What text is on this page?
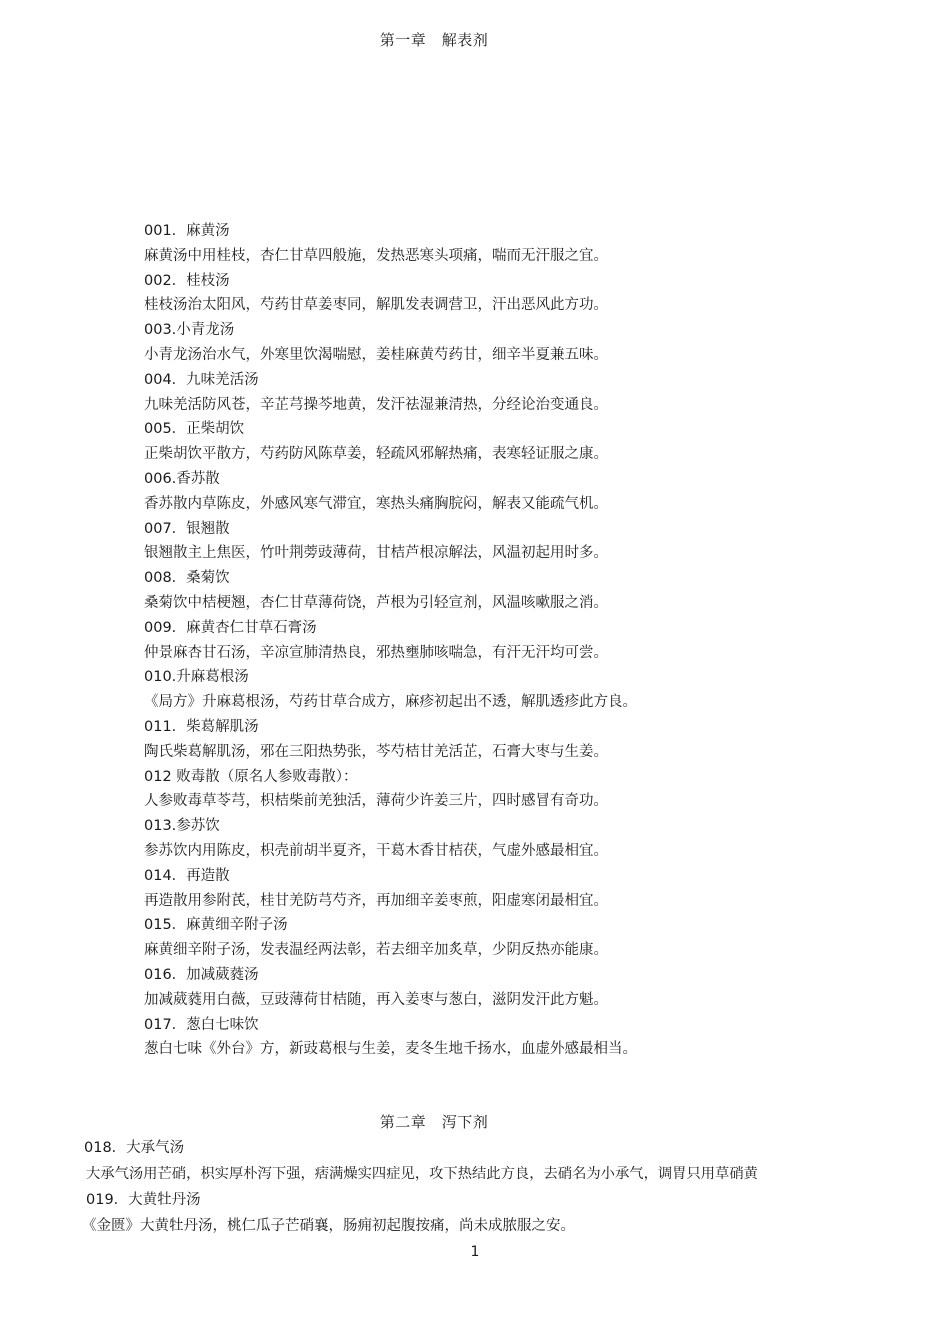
第一章　解表剂
001．麻黄汤
麻黄汤中用桂枝，杏仁甘草四般施，发热恶寒头项痛，喘而无汗服之宜。
002．桂枝汤
桂枝汤治太阳风，芍药甘草姜枣同，解肌发表调营卫，汗出恶风此方功。
003.小青龙汤
小青龙汤治水气，外寒里饮渴喘慰，姜桂麻黄芍药甘，细辛半夏兼五味。
004．九味羌活汤
九味羌活防风苍，辛芷芎操芩地黄，发汗祛湿兼清热，分经论治变通良。
005．正柴胡饮
正柴胡饮平散方，芍药防风陈草姜，轻疏风邪解热痛，表寒轻证服之康。
006.香苏散
香苏散内草陈皮，外感风寒气滞宜，寒热头痛胸脘闷，解表又能疏气机。
007．银翘散
银翘散主上焦医，竹叶荆蒡豉薄荷，甘桔芦根凉解法，风温初起用时多。
008．桑菊饮
桑菊饮中桔梗翘，杏仁甘草薄荷饶，芦根为引轻宣剂，风温咳嗽服之消。
009．麻黄杏仁甘草石膏汤
仲景麻杏甘石汤，辛凉宣肺清热良，邪热壅肺咳喘急，有汗无汗均可尝。
010.升麻葛根汤
《局方》升麻葛根汤，芍药甘草合成方，麻疹初起出不透，解肌透疹此方良。
011．柴葛解肌汤
陶氏柴葛解肌汤，邪在三阳热势张，芩芍桔甘羌活芷，石膏大枣与生姜。
012 败毒散（原名人参败毒散）：
人参败毒草苓芎，枳桔柴前羌独活，薄荷少许姜三片，四时感冒有奇功。
013.参苏饮
参苏饮内用陈皮，枳壳前胡半夏齐，干葛木香甘桔茯，气虚外感最相宜。
014．再造散
再造散用参附芪，桂甘羌防芎芍齐，再加细辛姜枣煎，阳虚寒闭最相宜。
015．麻黄细辛附子汤
麻黄细辛附子汤，发表温经两法彰，若去细辛加炙草，少阴反热亦能康。
016．加减葳蕤汤
加减葳蕤用白薇，豆豉薄荷甘桔随，再入姜枣与葱白，滋阴发汗此方魁。
017．葱白七味饮
葱白七味《外台》方，新豉葛根与生姜，麦冬生地千扬水，血虚外感最相当。
第二章　泻下剂
018．大承气汤
大承气汤用芒硝，枳实厚朴泻下强，痞满燥实四症见，攻下热结此方良，去硝名为小承气，调胃只用草硝黄
019．大黄牡丹汤
《金匮》大黄牡丹汤，桃仁瓜子芒硝襄，肠痈初起腹按痛，尚未成脓服之安。
1
